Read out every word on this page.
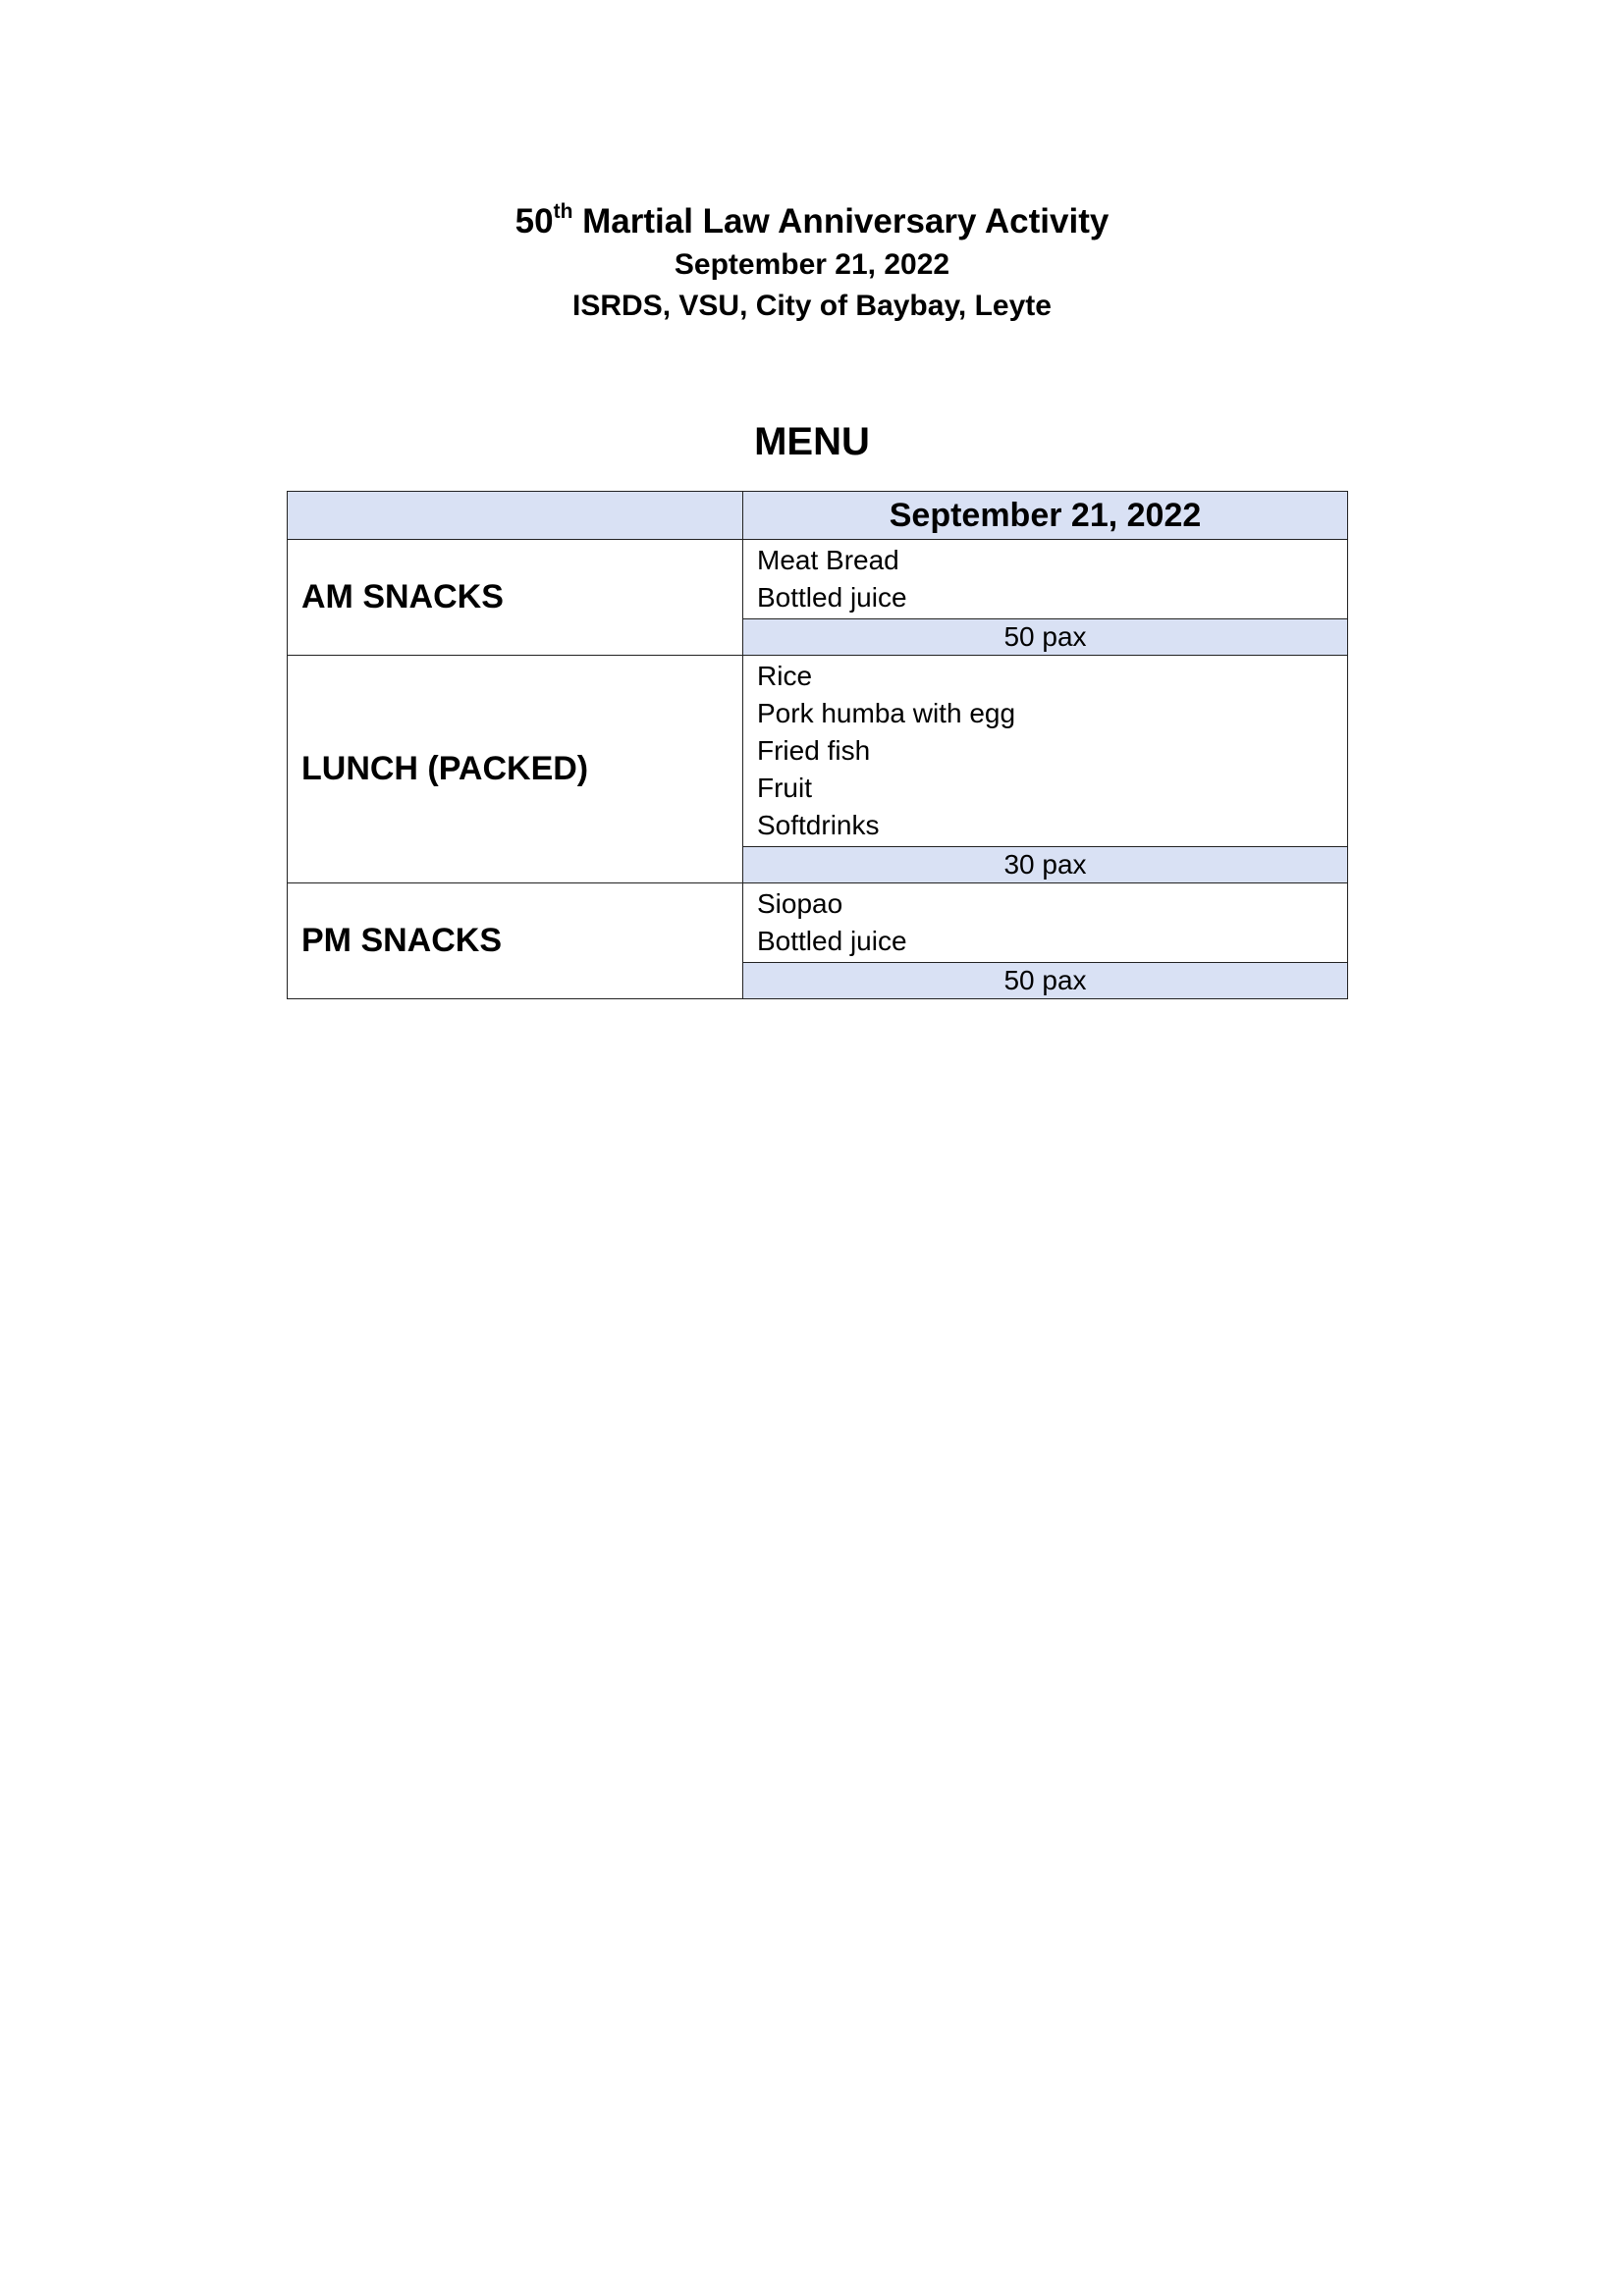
50th Martial Law Anniversary Activity
September 21, 2022
ISRDS, VSU, City of Baybay, Leyte
MENU
	September 21, 2022
AM SNACKS	Meat Bread
Bottled juice

	50 pax
LUNCH (PACKED)	Rice
Pork humba with egg
Fried fish
Fruit
Softdrinks

	30 pax
PM SNACKS	Siopao
Bottled juice

	50 pax
